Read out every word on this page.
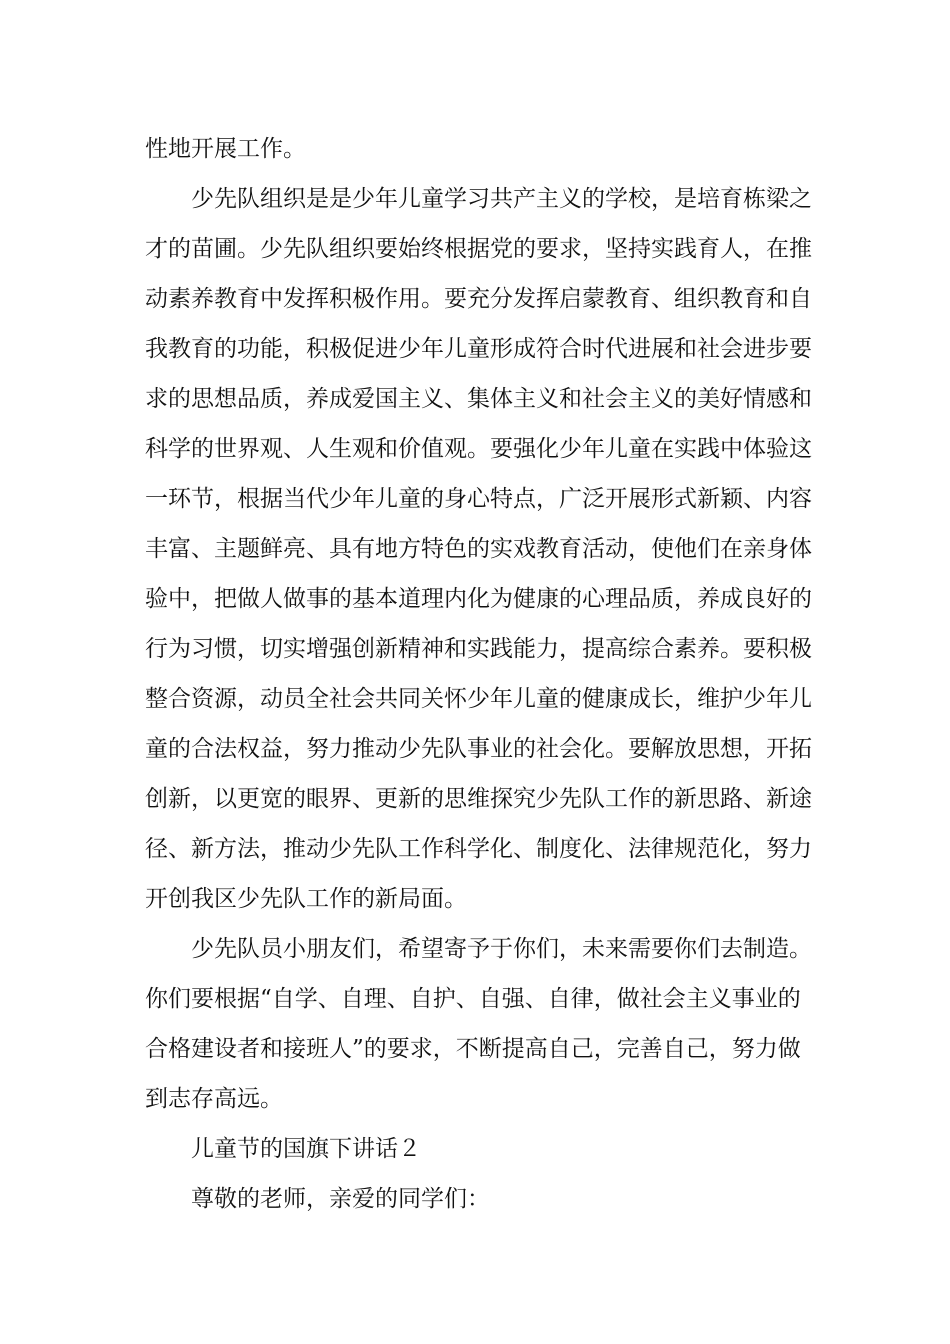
性地开展工作。
少先队组织是是少年儿童学习共产主义的学校，是培育栋梁之
才的苗圃。少先队组织要始终根据党的要求，坚持实践育人，在推
动素养教育中发挥积极作用。要充分发挥启蒙教育、组织教育和自
我教育的功能，积极促进少年儿童形成符合时代进展和社会进步要
求的思想品质，养成爱国主义、集体主义和社会主义的美好情感和
科学的世界观、人生观和价值观。要强化少年儿童在实践中体验这
一环节，根据当代少年儿童的身心特点，广泛开展形式新颖、内容
丰富、主题鲜亮、具有地方特色的实戏教育活动，使他们在亲身体
验中，把做人做事的基本道理内化为健康的心理品质，养成良好的
行为习惯，切实增强创新精神和实践能力，提高综合素养。要积极
整合资源，动员全社会共同关怀少年儿童的健康成长，维护少年儿
童的合法权益，努力推动少先队事业的社会化。要解放思想，开拓
创新，以更宽的眼界、更新的思维探究少先队工作的新思路、新途
径、新方法，推动少先队工作科学化、制度化、法律规范化，努力
开创我区少先队工作的新局面。
少先队员小朋友们，希望寄予于你们，未来需要你们去制造。
你们要根据“自学、自理、自护、自强、自律，做社会主义事业的
合格建设者和接班人”的要求，不断提高自己，完善自己，努力做
到志存高远。
儿童节的国旗下讲话２
尊敬的老师，亲爱的同学们：
